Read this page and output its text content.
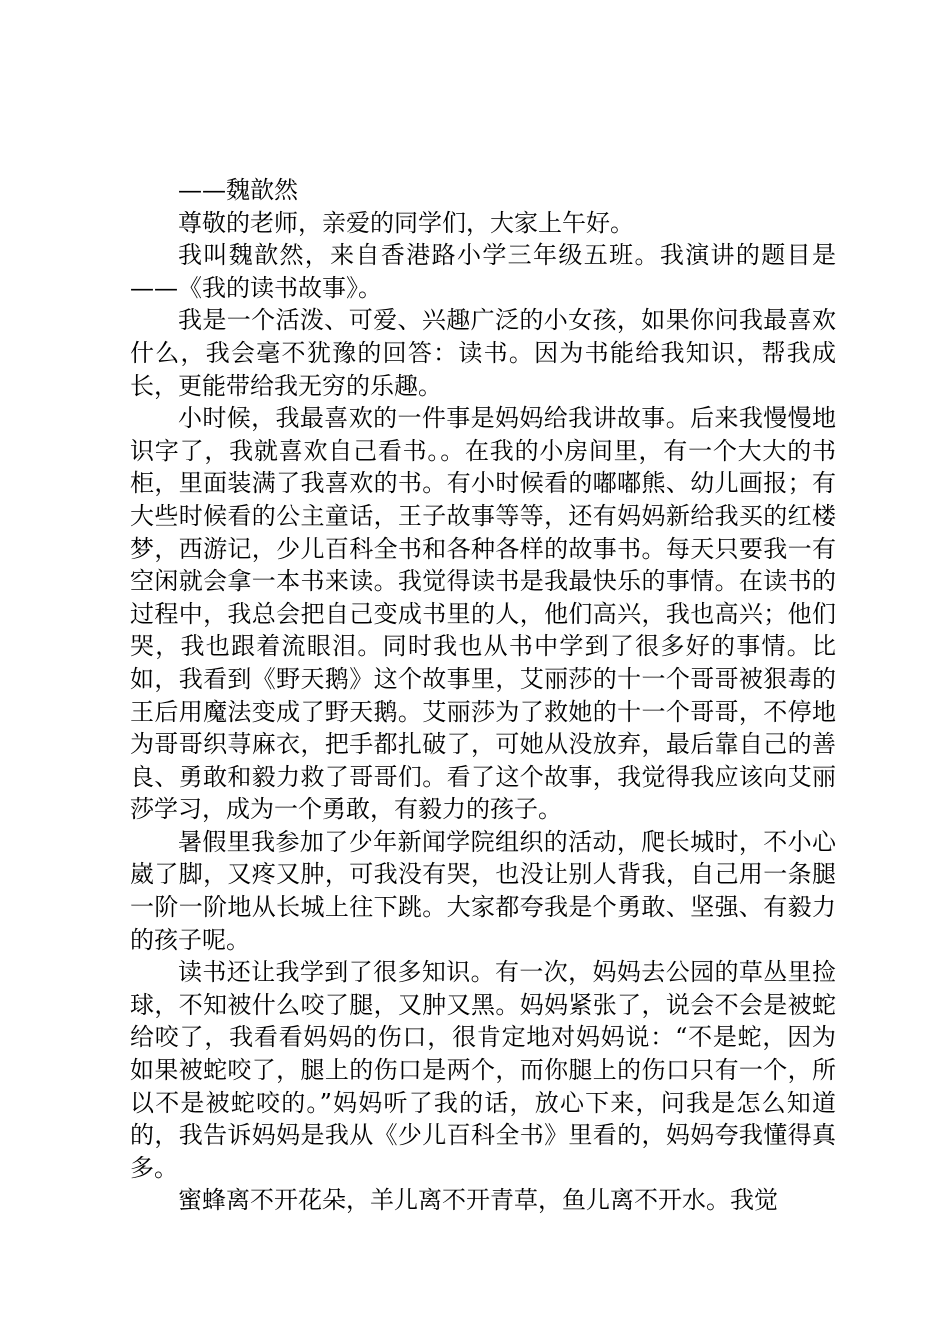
——魏歆然

尊敬的老师，亲爱的同学们，大家上午好。

我叫魏歆然，来自香港路小学三年级五班。我演讲的题目是——《我的读书故事》。

我是一个活泼、可爱、兴趣广泛的小女孩，如果你问我最喜欢什么，我会毫不犹豫的回答：读书。因为书能给我知识，帮我成长，更能带给我无穷的乐趣。

小时候，我最喜欢的一件事是妈妈给我讲故事。后来我慢慢地识字了，我就喜欢自己看书。。在我的小房间里，有一个大大的书柜，里面装满了我喜欢的书。有小时候看的嘟嘟熊、幼儿画报；有大些时候看的公主童话，王子故事等等，还有妈妈新给我买的红楼梦，西游记，少儿百科全书和各种各样的故事书。每天只要我一有空闲就会拿一本书来读。我觉得读书是我最快乐的事情。在读书的过程中，我总会把自己变成书里的人，他们高兴，我也高兴；他们哭，我也跟着流眼泪。同时我也从书中学到了很多好的事情。比如，我看到《野天鹅》这个故事里，艾丽莎的十一个哥哥被狠毒的王后用魔法变成了野天鹅。艾丽莎为了救她的十一个哥哥，不停地为哥哥织荨麻衣，把手都扎破了，可她从没放弃，最后靠自己的善良、勇敢和毅力救了哥哥们。看了这个故事，我觉得我应该向艾丽莎学习，成为一个勇敢，有毅力的孩子。

暑假里我参加了少年新闻学院组织的活动，爬长城时，不小心崴了脚，又疼又肿，可我没有哭，也没让别人背我，自己用一条腿一阶一阶地从长城上往下跳。大家都夸我是个勇敢、坚强、有毅力的孩子呢。

读书还让我学到了很多知识。有一次，妈妈去公园的草丛里捡球，不知被什么咬了腿，又肿又黑。妈妈紧张了，说会不会是被蛇给咬了，我看看妈妈的伤口，很肯定地对妈妈说：“不是蛇，因为如果被蛇咬了，腿上的伤口是两个，而你腿上的伤口只有一个，所以不是被蛇咬的。”妈妈听了我的话，放心下来，问我是怎么知道的，我告诉妈妈是我从《少儿百科全书》里看的，妈妈夸我懂得真多。

蜜蜂离不开花朵，羊儿离不开青草，鱼儿离不开水。我觉
